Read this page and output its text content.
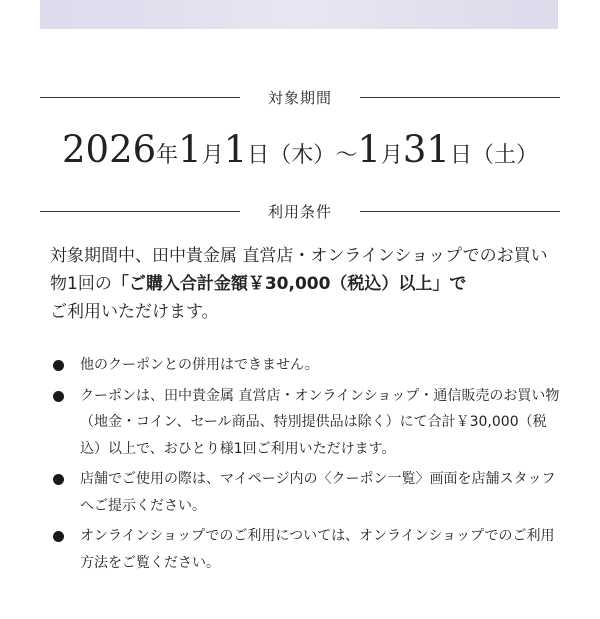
対象期間
2026年1月1日（木）～1月31日（土）
利用条件
対象期間中、田中貴金属 直営店・オンラインショップでのお買い物1回の「ご購入合計金額￥30,000（税込）以上」で
ご利用いただけます。
他のクーポンとの併用はできません。
クーポンは、田中貴金属 直営店・オンラインショップ・通信販売のお買い物（地金・コイン、セール商品、特別提供品は除く）にて合計￥30,000（税込）以上で、おひとり様1回ご利用いただけます。
店舗でご使用の際は、マイページ内の〈クーポン一覧〉画面を店舗スタッフへご提示ください。
オンラインショップでのご利用については、オンラインショップでのご利用方法をご覧ください。
